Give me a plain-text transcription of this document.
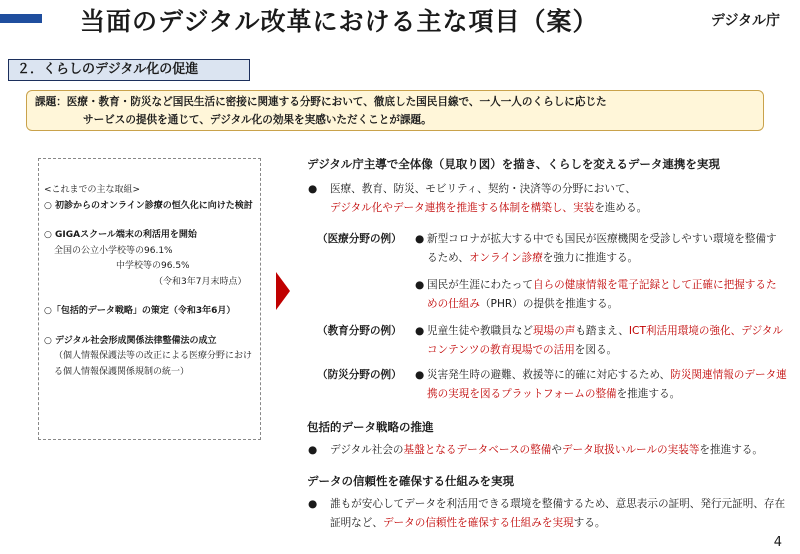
当面のデジタル改革における主な項目（案）	デジタル庁
２．くらしのデジタル化の促進
課題：医療・教育・防災など国民生活に密接に関連する分野において、徹底した国民目線で、一人一人のくらしに応じた
サービスの提供を通じて、デジタル化の効果を実感いただくことが課題。
<これまでの主な取組>
○ 初診からのオンライン診療の恒久化に向けた検討
○ GIGAスクール端末の利活用を開始
全国の公立小学校等の96.1%
中学校等の96.5%
（令和3年7月末時点）
○「包括的データ戦略」の策定（令和3年6月）
○ デジタル社会形成関係法律整備法の成立
（個人情報保護法等の改正による医療分野における個人情報保護関係規制の統一）
デジタル庁主導で全体像（見取り図）を描き、くらしを変えるデータ連携を実現
●	医療、教育、防災、モビリティ、契約・決済等の分野において、
デジタル化やデータ連携を推進する体制を構築し、実装を進める。
（医療分野の例）	● 新型コロナが拡大する中でも国民が医療機関を受診しやすい環境を整備するため、オンライン診療を強力に推進する。
● 国民が生涯にわたって自らの健康情報を電子記録として正確に把握するための仕組み（PHR）の提供を推進する。
（教育分野の例）	● 児童生徒や教職員など現場の声も踏まえ、ICT利活用環境の強化、デジタルコンテンツの教育現場での活用を図る。
（防災分野の例）	● 災害発生時の避難、救援等に的確に対応するため、防災関連情報のデータ連携の実現を図るプラットフォームの整備を推進する。
包括的データ戦略の推進
●	デジタル社会の基盤となるデータベースの整備やデータ取扱いルールの実装等を推進する。
データの信頼性を確保する仕組みを実現
●	誰もが安心してデータを利活用できる環境を整備するため、意思表示の証明、発行元証明、存在証明など、データの信頼性を確保する仕組みを実現する。
4
